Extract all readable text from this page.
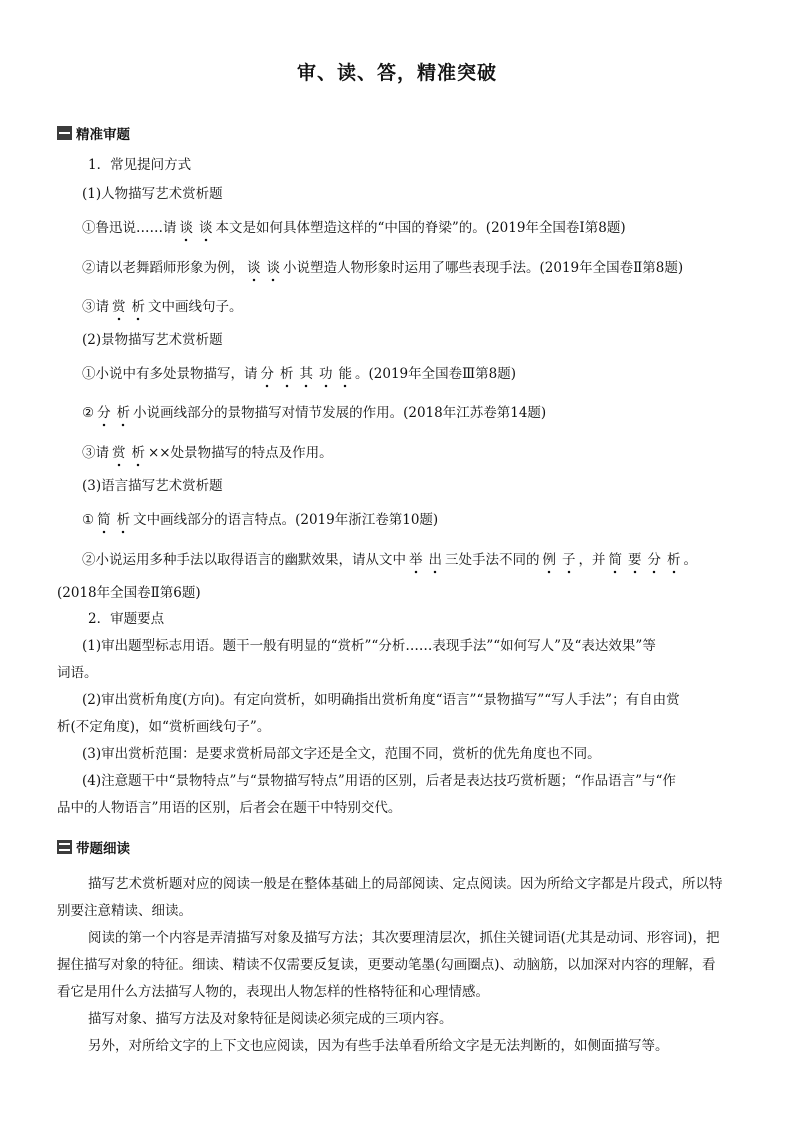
审、读、答，精准突破
精准审题
1．常见提问方式
(1)人物描写艺术赏析题
①鲁迅说……请 谈 谈 本文是如何具体塑造这样的“中国的脊梁”的。(2019年全国卷Ⅰ第8题)
②请以老舞蹈师形象为例， 谈 谈 小说塑造人物形象时运用了哪些表现手法。(2019年全国卷Ⅱ第8题)
③请 赏 析 文中画线句子。
(2)景物描写艺术赏析题
①小说中有多处景物描写，请 分 析 其 功 能 。(2019年全国卷Ⅲ第8题)
② 分 析 小说画线部分的景物描写对情节发展的作用。(2018年江苏卷第14题)
③请 赏 析 ××处景物描写的特点及作用。
(3)语言描写艺术赏析题
① 简 析 文中画线部分的语言特点。(2019年浙江卷第10题)
②小说运用多种手法以取得语言的幽默效果，请从文中 举 出 三处手法不同的 例 子 ，并 简 要 分 析 。
(2018年全国卷Ⅱ第6题)
2．审题要点
(1)审出题型标志用语。题干一般有明显的“赏析”“分析……表现手法”“如何写人”及“表达效果”等
词语。
(2)审出赏析角度(方向)。有定向赏析，如明确指出赏析角度“语言”“景物描写”“写人手法”；有自由赏
析(不定角度)，如“赏析画线句子”。
(3)审出赏析范围：是要求赏析局部文字还是全文，范围不同，赏析的优先角度也不同。
(4)注意题干中“景物特点”与“景物描写特点”用语的区别，后者是表达技巧赏析题；“作品语言”与“作
品中的人物语言”用语的区别，后者会在题干中特别交代。
带题细读
描写艺术赏析题对应的阅读一般是在整体基础上的局部阅读、定点阅读。因为所给文字都是片段式，所以特
别要注意精读、细读。
阅读的第一个内容是弄清描写对象及描写方法；其次要理清层次，抓住关键词语(尤其是动词、形容词)，把
握住描写对象的特征。细读、精读不仅需要反复读，更要动笔墨(勾画圈点)、动脑筋，以加深对内容的理解，看
看它是用什么方法描写人物的，表现出人物怎样的性格特征和心理情感。
描写对象、描写方法及对象特征是阅读必须完成的三项内容。
另外，对所给文字的上下文也应阅读，因为有些手法单看所给文字是无法判断的，如侧面描写等。
